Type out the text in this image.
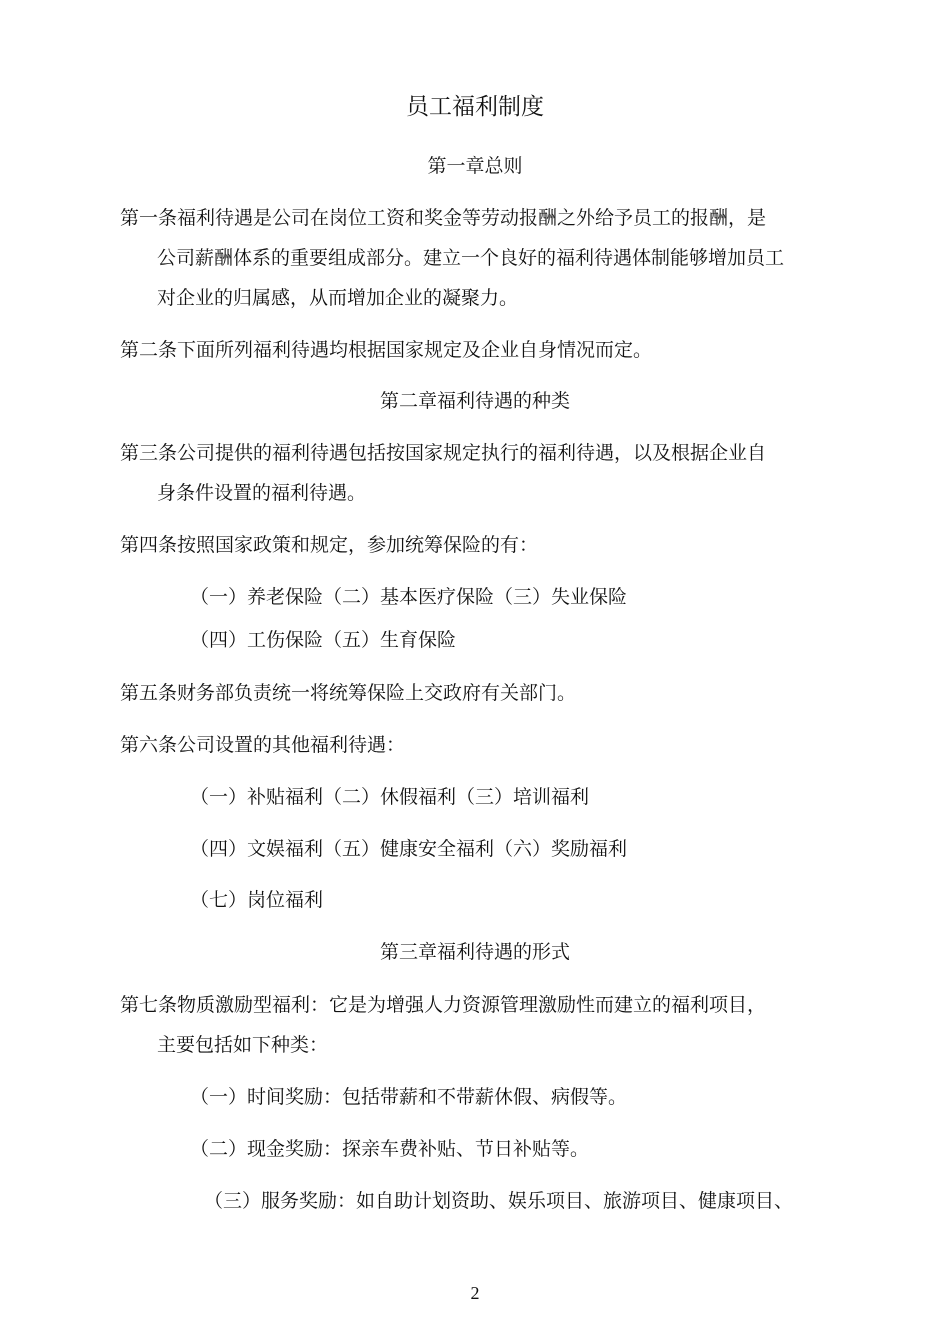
员工福利制度
第一章总则
第一条福利待遇是公司在岗位工资和奖金等劳动报酬之外给予员工的报酬，是
公司薪酬体系的重要组成部分。建立一个良好的福利待遇体制能够增加员工
对企业的归属感，从而增加企业的凝聚力。
第二条下面所列福利待遇均根据国家规定及企业自身情况而定。
第二章福利待遇的种类
第三条公司提供的福利待遇包括按国家规定执行的福利待遇，以及根据企业自
身条件设置的福利待遇。
第四条按照国家政策和规定，参加统筹保险的有：
（一）养老保险（二）基本医疗保险（三）失业保险
（四）工伤保险（五）生育保险
第五条财务部负责统一将统筹保险上交政府有关部门。
第六条公司设置的其他福利待遇：
（一）补贴福利（二）休假福利（三）培训福利
（四）文娱福利（五）健康安全福利（六）奖励福利
（七）岗位福利
第三章福利待遇的形式
第七条物质激励型福利：它是为增强人力资源管理激励性而建立的福利项目，
主要包括如下种类：
（一）时间奖励：包括带薪和不带薪休假、病假等。
（二）现金奖励：探亲车费补贴、节日补贴等。
（三）服务奖励：如自助计划资助、娱乐项目、旅游项目、健康项目、
2
